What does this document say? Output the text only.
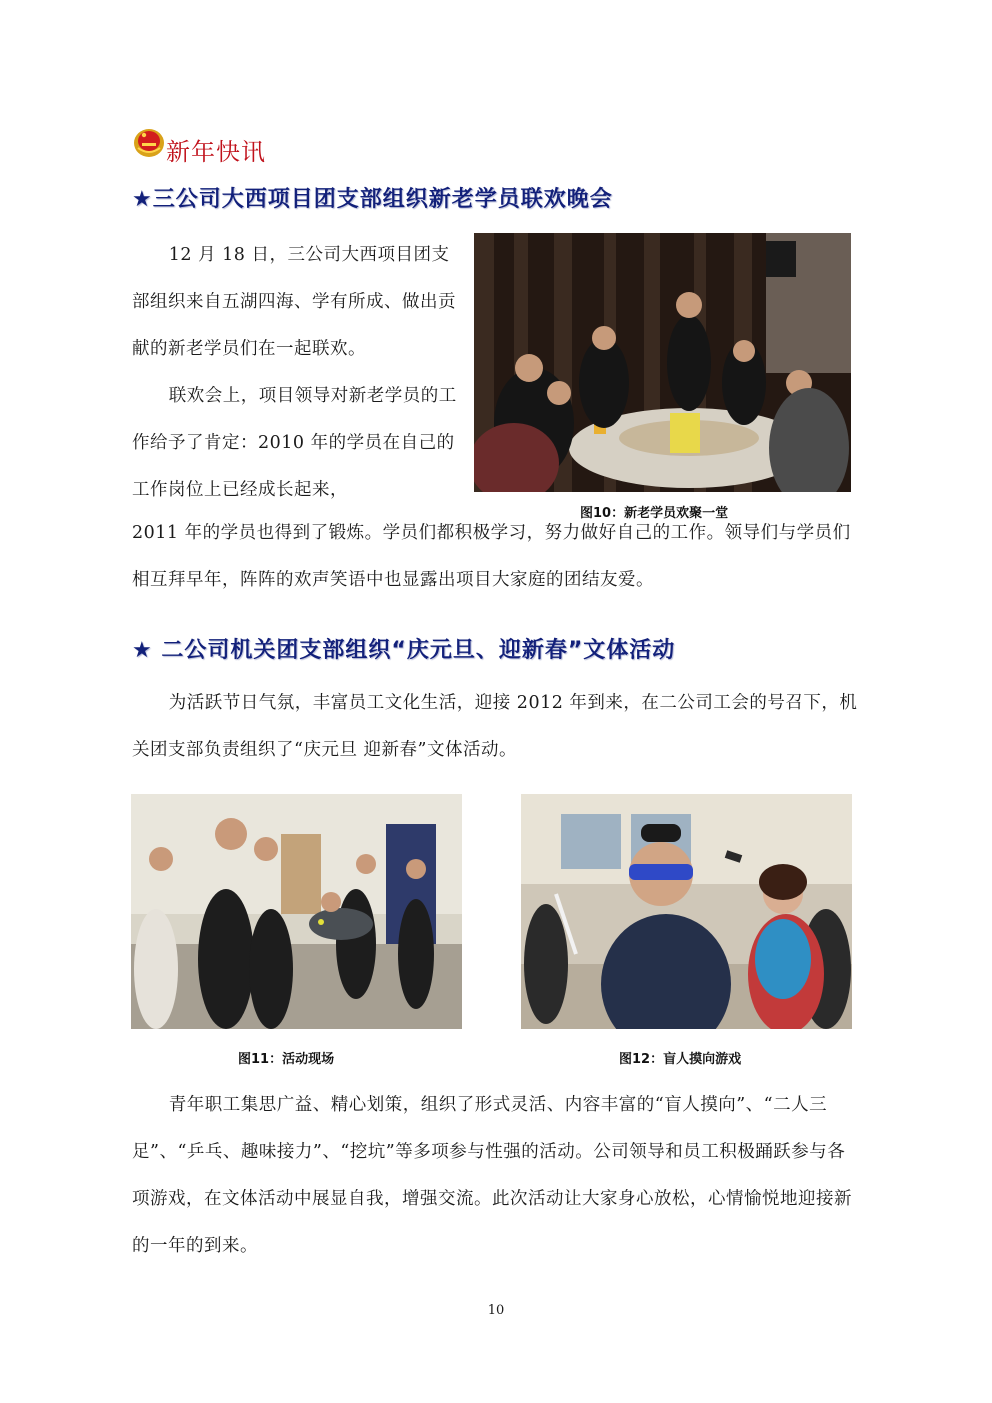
新年快讯
★三公司大西项目团支部组织新老学员联欢晚会
12 月 18 日，三公司大西项目团支部组织来自五湖四海、学有所成、做出贡献的新老学员们在一起联欢。
联欢会上，项目领导对新老学员的工作给予了肯定：2010 年的学员在自己的工作岗位上已经成长起来，
图10：新老学员欢聚一堂
2011 年的学员也得到了锻炼。学员们都积极学习，努力做好自己的工作。领导们与学员们相互拜早年，阵阵的欢声笑语中也显露出项目大家庭的团结友爱。
★ 二公司机关团支部组织“庆元旦、迎新春”文体活动
为活跃节日气氛，丰富员工文化生活，迎接 2012 年到来，在二公司工会的号召下，机关团支部负责组织了“庆元旦 迎新春”文体活动。
图11：活动现场	图12：盲人摸向游戏
青年职工集思广益、精心划策，组织了形式灵活、内容丰富的“盲人摸向”、“二人三足”、“乒乓、趣味接力”、“挖坑”等多项参与性强的活动。公司领导和员工积极踊跃参与各项游戏，在文体活动中展显自我，增强交流。此次活动让大家身心放松，心情愉悦地迎接新的一年的到来。
10
